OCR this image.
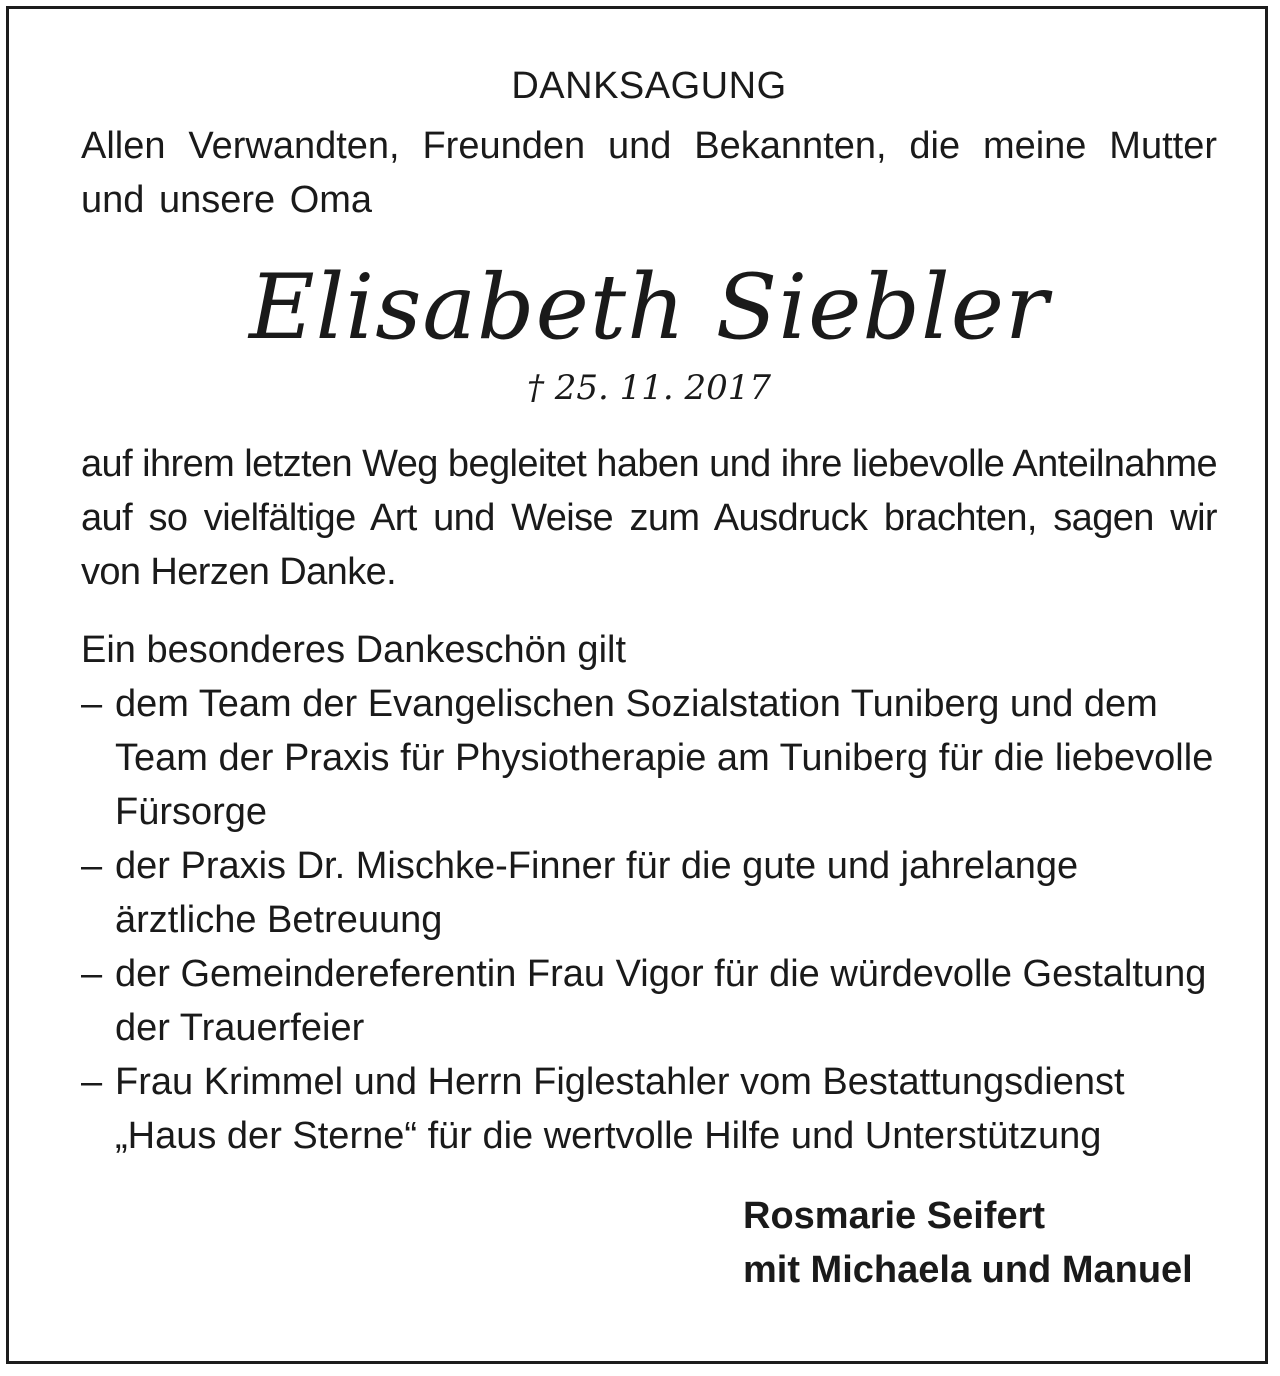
DANKSAGUNG

Allen Verwandten, Freunden und Bekannten, die meine Mutter und unsere Oma

Elisabeth Siebler
† 25. 11. 2017

auf ihrem letzten Weg begleitet haben und ihre liebevolle Anteilnahme auf so vielfältige Art und Weise zum Ausdruck brachten, sagen wir von Herzen Danke.

Ein besonderes Dankeschön gilt
– dem Team der Evangelischen Sozialstation Tuniberg und dem Team der Praxis für Physiotherapie am Tuniberg für die liebevolle Fürsorge
– der Praxis Dr. Mischke-Finner für die gute und jahrelange ärztliche Betreuung
– der Gemeindereferentin Frau Vigor für die würdevolle Gestaltung der Trauerfeier
– Frau Krimmel und Herrn Figlestahler vom Bestattungsdienst „Haus der Sterne“ für die wertvolle Hilfe und Unterstützung
Rosmarie Seifert
mit Michaela und Manuel
